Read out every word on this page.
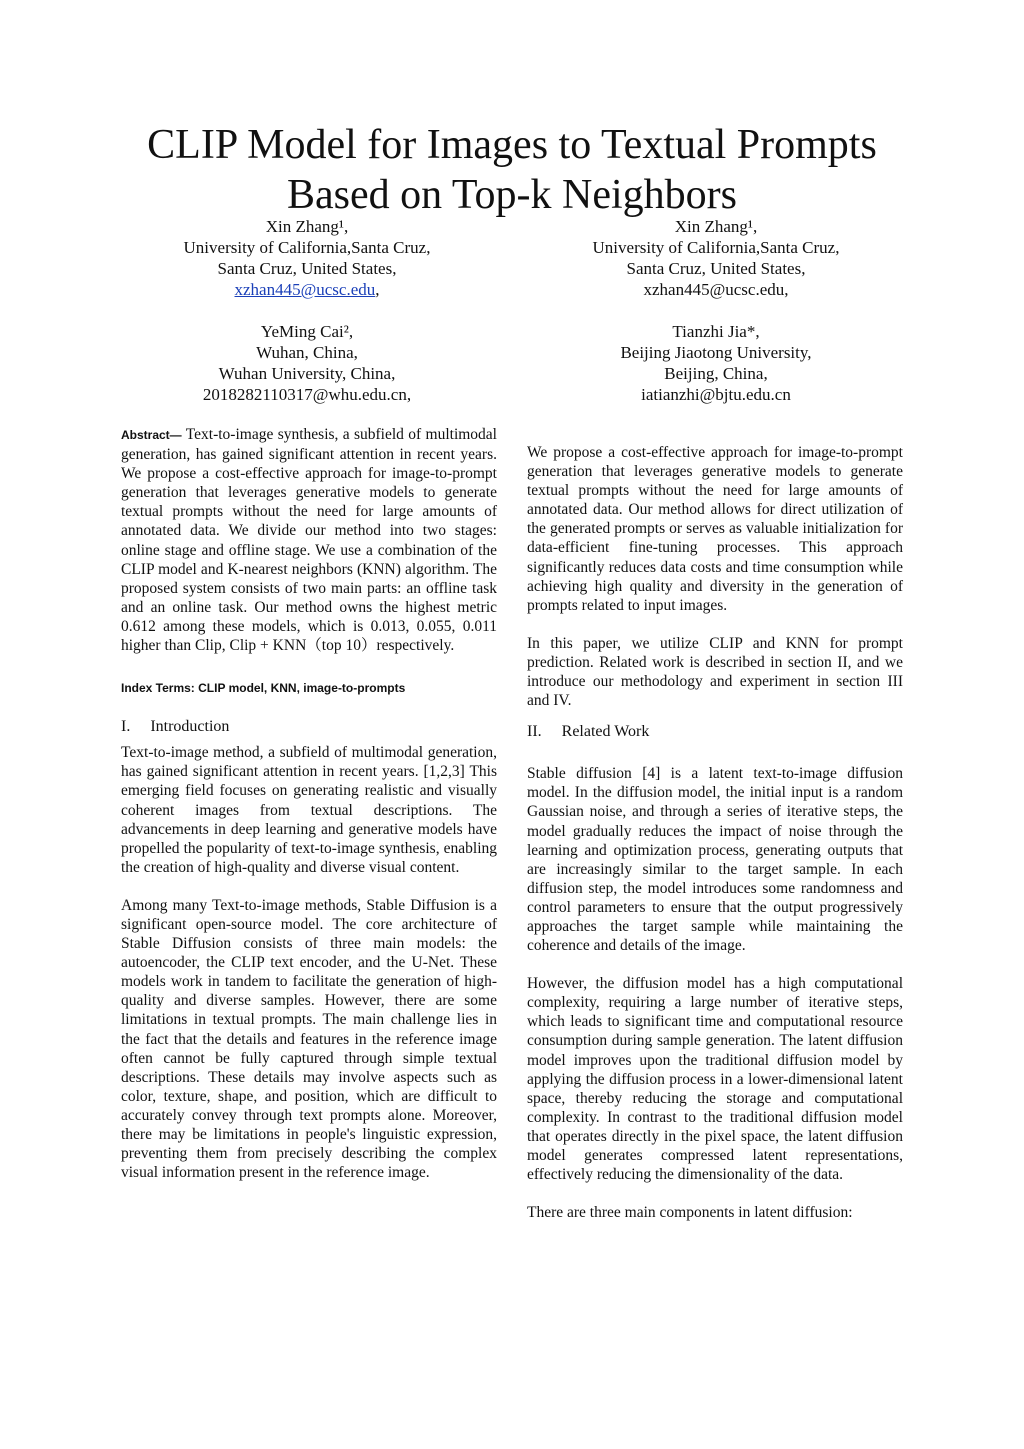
CLIP Model for Images to Textual Prompts
Based on Top-k Neighbors
Xin Zhang¹,
University of California,Santa Cruz,
Santa Cruz, United States,
xzhan445@ucsc.edu,
YeMing Cai²,
Wuhan, China,
Wuhan University, China,
2018282110317@whu.edu.cn,
Xin Zhang¹,
University of California,Santa Cruz,
Santa Cruz, United States,
xzhan445@ucsc.edu,
Tianzhi Jia*,
Beijing Jiaotong University,
Beijing, China,
iatianzhi@bjtu.edu.cn

Abstract— Text-to-image synthesis, a subfield of multimodal generation, has gained significant attention in recent years. We propose a cost-effective approach for image-to-prompt generation that leverages generative models to generate textual prompts without the need for large amounts of annotated data. We divide our method into two stages: online stage and offline stage. We use a combination of the CLIP model and K-nearest neighbors (KNN) algorithm. The proposed system consists of two main parts: an offline task and an online task. Our method owns the highest metric 0.612 among these models, which is 0.013, 0.055, 0.011 higher than Clip, Clip + KNN（top 10）respectively.

Index Terms: CLIP model, KNN, image-to-prompts

I. Introduction

Text-to-image method, a subfield of multimodal generation, has gained significant attention in recent years. [1,2,3] This emerging field focuses on generating realistic and visually coherent images from textual descriptions. The advancements in deep learning and generative models have propelled the popularity of text-to-image synthesis, enabling the creation of high-quality and diverse visual content.

Among many Text-to-image methods, Stable Diffusion is a significant open-source model. The core architecture of Stable Diffusion consists of three main models: the autoencoder, the CLIP text encoder, and the U-Net. These models work in tandem to facilitate the generation of high-quality and diverse samples. However, there are some limitations in textual prompts. The main challenge lies in the fact that the details and features in the reference image often cannot be fully captured through simple textual descriptions. These details may involve aspects such as color, texture, shape, and position, which are difficult to accurately convey through text prompts alone. Moreover, there may be limitations in people's linguistic expression, preventing them from precisely describing the complex visual information present in the reference image.

We propose a cost-effective approach for image-to-prompt generation that leverages generative models to generate textual prompts without the need for large amounts of annotated data. Our method allows for direct utilization of the generated prompts or serves as valuable initialization for data-efficient fine-tuning processes. This approach significantly reduces data costs and time consumption while achieving high quality and diversity in the generation of prompts related to input images.

In this paper, we utilize CLIP and KNN for prompt prediction. Related work is described in section II, and we introduce our methodology and experiment in section III and IV.

II. Related Work

Stable diffusion [4] is a latent text-to-image diffusion model. In the diffusion model, the initial input is a random Gaussian noise, and through a series of iterative steps, the model gradually reduces the impact of noise through the learning and optimization process, generating outputs that are increasingly similar to the target sample. In each diffusion step, the model introduces some randomness and control parameters to ensure that the output progressively approaches the target sample while maintaining the coherence and details of the image.

However, the diffusion model has a high computational complexity, requiring a large number of iterative steps, which leads to significant time and computational resource consumption during sample generation. The latent diffusion model improves upon the traditional diffusion model by applying the diffusion process in a lower-dimensional latent space, thereby reducing the storage and computational complexity. In contrast to the traditional diffusion model that operates directly in the pixel space, the latent diffusion model generates compressed latent representations, effectively reducing the dimensionality of the data.

There are three main components in latent diffusion:
